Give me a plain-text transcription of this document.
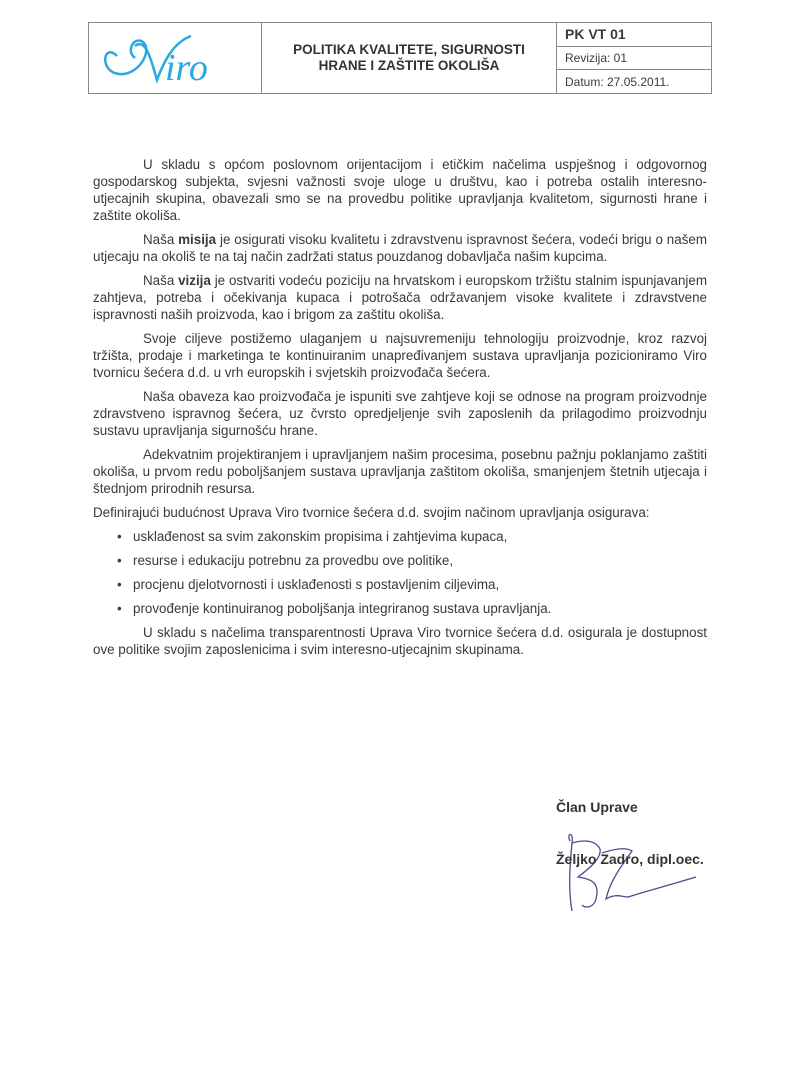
iro	POLITIKA KVALITETE, SIGURNOSTI
HRANE I ZAŠTITE OKOLIŠA
PK VT 01
Revizija: 01
Datum: 27.05.2011.

U skladu s općom poslovnom orijentacijom i etičkim načelima uspješnog i odgovornog gospodarskog subjekta, svjesni važnosti svoje uloge u društvu, kao i potreba ostalih interesno-utjecajnih skupina, obavezali smo se na provedbu politike upravljanja kvalitetom, sigurnosti hrane i zaštite okoliša.

Naša misija je osigurati visoku kvalitetu i zdravstvenu ispravnost šećera, vodeći brigu o našem utjecaju na okoliš te na taj način zadržati status pouzdanog dobavljača našim kupcima.

Naša vizija je ostvariti vodeću poziciju na hrvatskom i europskom tržištu stalnim ispunjavanjem zahtjeva, potreba i očekivanja kupaca i potrošača održavanjem visoke kvalitete i zdravstvene ispravnosti naših proizvoda, kao i brigom za zaštitu okoliša.

Svoje ciljeve postižemo ulaganjem u najsuvremeniju tehnologiju proizvodnje, kroz razvoj tržišta, prodaje i marketinga te kontinuiranim unapređivanjem sustava upravljanja pozicioniramo Viro tvornicu šećera d.d. u vrh europskih i svjetskih proizvođača šećera.

Naša obaveza kao proizvođača je ispuniti sve zahtjeve koji se odnose na program proizvodnje zdravstveno ispravnog šećera, uz čvrsto opredjeljenje svih zaposlenih da prilagodimo proizvodnju sustavu upravljanja sigurnošću hrane.

Adekvatnim projektiranjem i upravljanjem našim procesima, posebnu pažnju poklanjamo zaštiti okoliša, u prvom redu poboljšanjem sustava upravljanja zaštitom okoliša, smanjenjem štetnih utjecaja i štednjom prirodnih resursa.

Definirajući budućnost Uprava Viro tvornice šećera d.d. svojim načinom upravljanja osigurava:

• usklađenost sa svim zakonskim propisima i zahtjevima kupaca,
• resurse i edukaciju potrebnu za provedbu ove politike,
• procjenu djelotvornosti i usklađenosti s postavljenim ciljevima,
• provođenje kontinuiranog poboljšanja integriranog sustava upravljanja.

U skladu s načelima transparentnosti Uprava Viro tvornice šećera d.d. osigurala je dostupnost ove politike svojim zaposlenicima i svim interesno-utjecajnim skupinama.

Član Uprave
Željko Zadro, dipl.oec.
